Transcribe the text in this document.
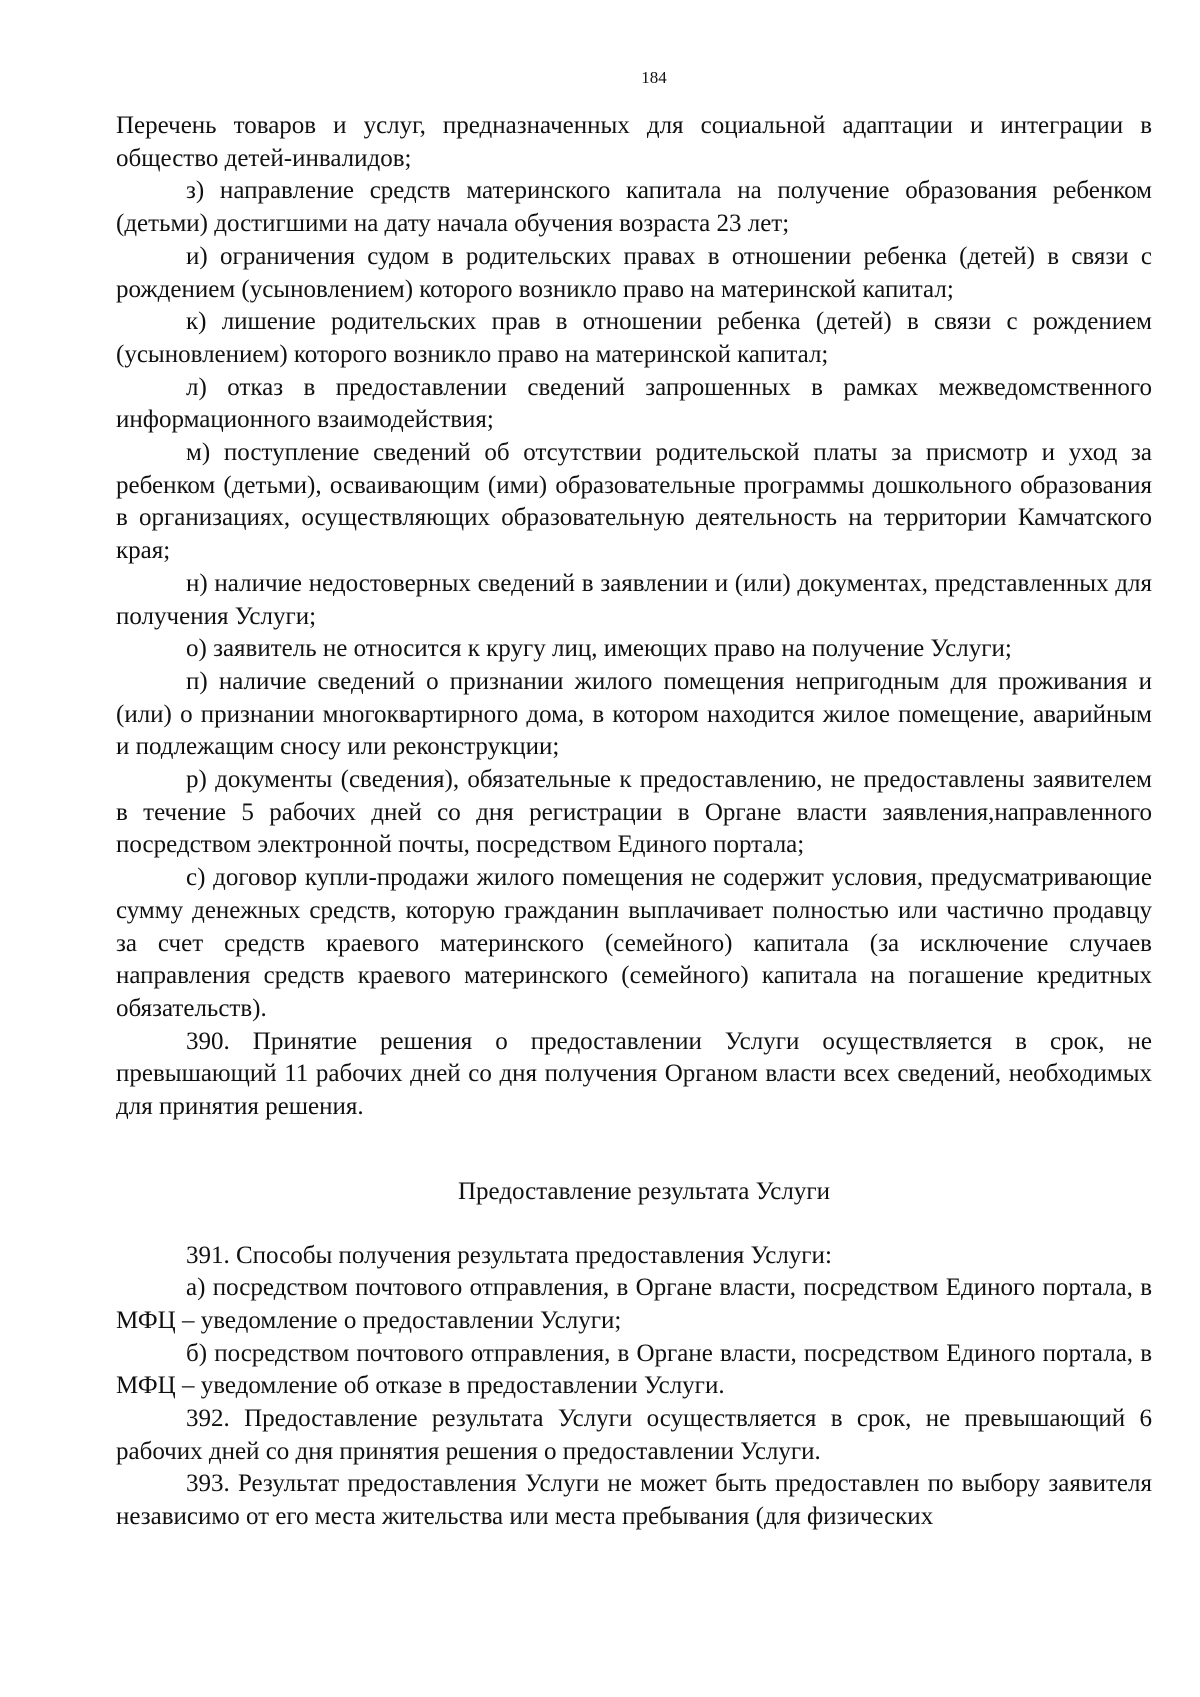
184

Перечень товаров и услуг, предназначенных для социальной адаптации и интеграции в общество детей-инвалидов;

з) направление средств материнского капитала на получение образования ребенком (детьми) достигшими на дату начала обучения возраста 23 лет;

и) ограничения судом в родительских правах в отношении ребенка (детей) в связи с рождением (усыновлением) которого возникло право на материнской капитал;

к) лишение родительских прав в отношении ребенка (детей) в связи с рождением (усыновлением) которого возникло право на материнской капитал;

л) отказ в предоставлении сведений запрошенных в рамках межведомственного информационного взаимодействия;

м) поступление сведений об отсутствии родительской платы за присмотр и уход за ребенком (детьми), осваивающим (ими) образовательные программы дошкольного образования в организациях, осуществляющих образовательную деятельность на территории Камчатского края;

н) наличие недостоверных сведений в заявлении и (или) документах, представленных для получения Услуги;

о) заявитель не относится к кругу лиц, имеющих право на получение Услуги;

п) наличие сведений о признании жилого помещения непригодным для проживания и (или) о признании многоквартирного дома, в котором находится жилое помещение, аварийным и подлежащим сносу или реконструкции;

р) документы (сведения), обязательные к предоставлению, не предоставлены заявителем в течение 5 рабочих дней со дня регистрации в Органе власти заявления,направленного посредством электронной почты, посредством Единого портала;

с) договор купли-продажи жилого помещения не содержит условия, предусматривающие сумму денежных средств, которую гражданин выплачивает полностью или частично продавцу за счет средств краевого материнского (семейного) капитала (за исключение случаев направления средств краевого материнского (семейного) капитала на погашение кредитных обязательств).

390. Принятие решения о предоставлении Услуги осуществляется в срок, не превышающий 11 рабочих дней со дня получения Органом власти всех сведений, необходимых для принятия решения.

Предоставление результата Услуги

391. Способы получения результата предоставления Услуги:

а) посредством почтового отправления, в Органе власти, посредством Единого портала, в МФЦ – уведомление о предоставлении Услуги;

б) посредством почтового отправления, в Органе власти, посредством Единого портала, в МФЦ – уведомление об отказе в предоставлении Услуги.

392. Предоставление результата Услуги осуществляется в срок, не превышающий 6 рабочих дней со дня принятия решения о предоставлении Услуги.

393. Результат предоставления Услуги не может быть предоставлен по выбору заявителя независимо от его места жительства или места пребывания (для физических
